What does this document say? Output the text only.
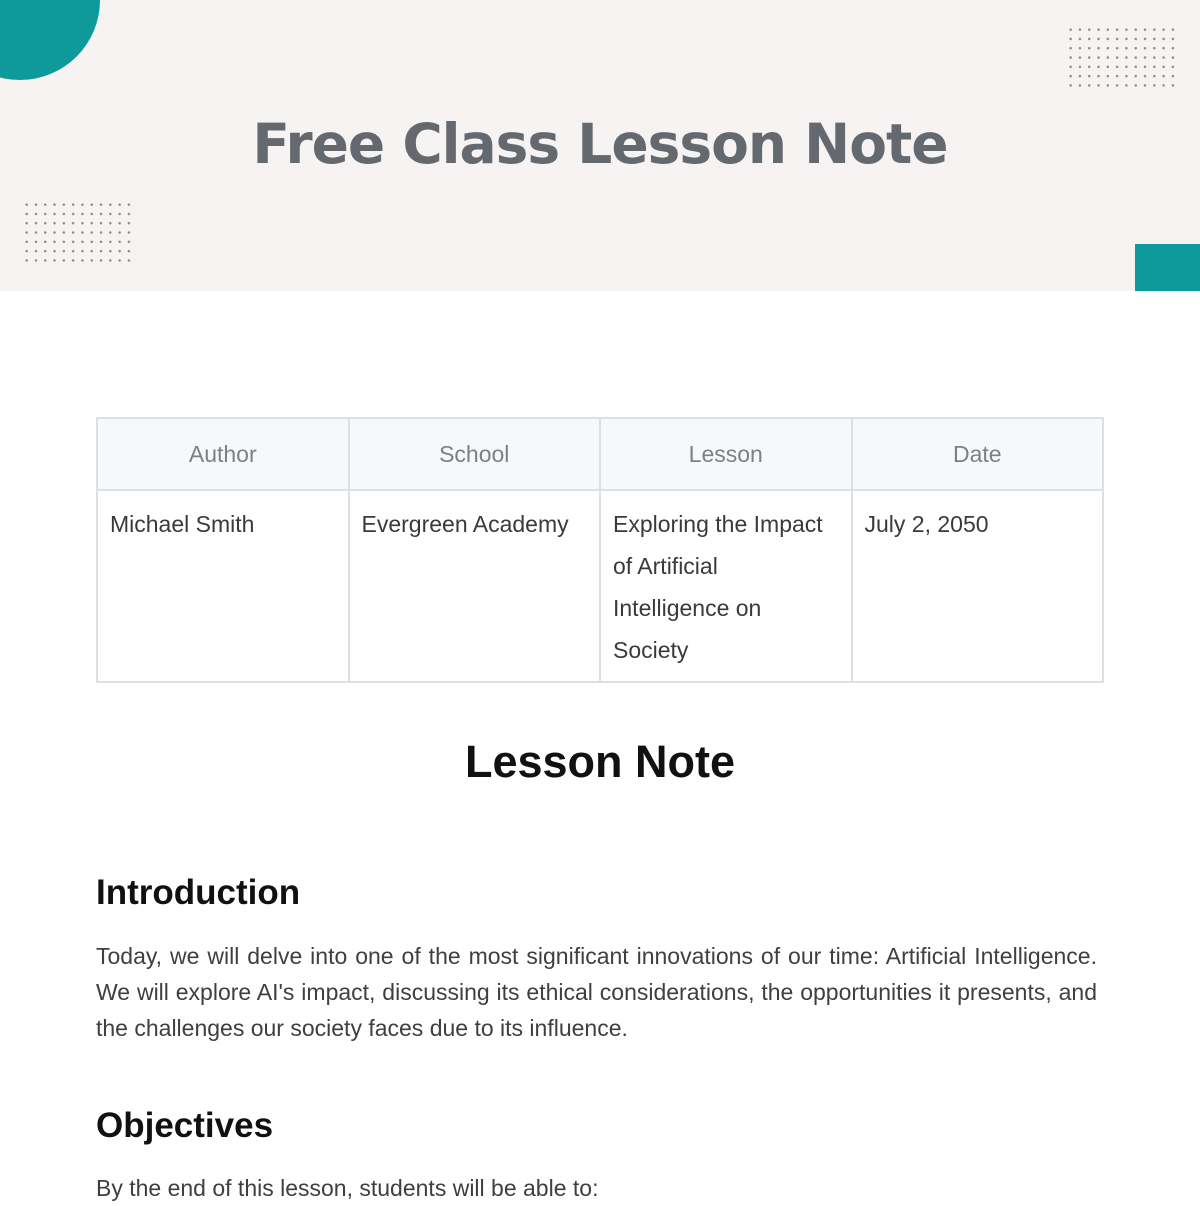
Free Class Lesson Note
Author	School	Lesson	Date
Michael Smith	Evergreen Academy	Exploring the Impact of Artificial Intelligence on Society	July 2, 2050
Lesson Note
Introduction

Today, we will delve into one of the most significant innovations of our time: Artificial Intelligence. We will explore AI's impact, discussing its ethical considerations, the opportunities it presents, and the challenges our society faces due to its influence.

Objectives

By the end of this lesson, students will be able to:
